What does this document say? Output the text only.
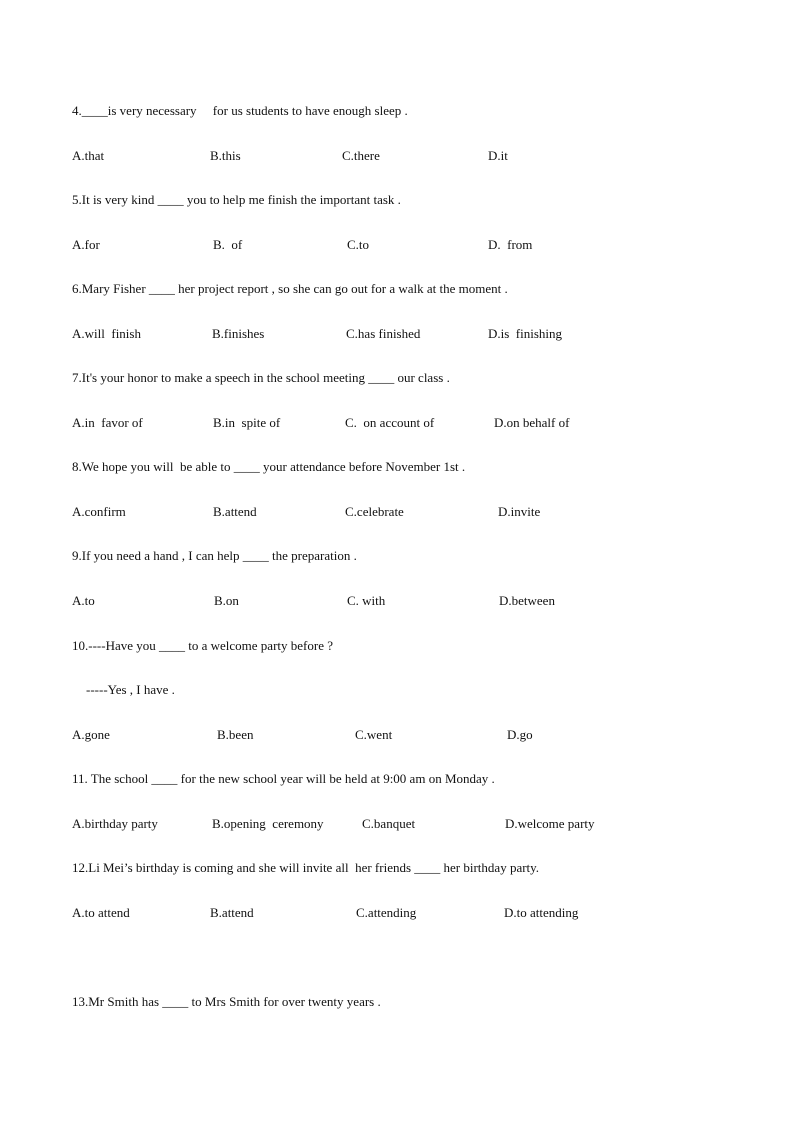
4.____is very necessary     for us students to have enough sleep .
A.that	B.this	C.there	D.it
5.It is very kind ____ you to help me finish the important task .
A.for	B.  of	C.to	D.  from
6.Mary Fisher ____ her project report , so she can go out for a walk at the moment .
A.will  finish	B.finishes	C.has finished	D.is  finishing
7.It's your honor to make a speech in the school meeting ____ our class .
A.in  favor of	B.in  spite of	C.  on account of	D.on behalf of
8.We hope you will  be able to ____ your attendance before November 1st .
A.confirm	B.attend	C.celebrate	D.invite
9.If you need a hand , I can help ____ the preparation .
A.to	B.on	C. with	D.between
10.----Have you ____ to a welcome party before ?
-----Yes , I have .
A.gone	B.been	C.went	D.go
11. The school ____ for the new school year will be held at 9:00 am on Monday .
A.birthday party	B.opening  ceremony	C.banquet	D.welcome party
12.Li Mei’s birthday is coming and she will invite all  her friends ____ her birthday party.
A.to attend	B.attend	C.attending	D.to attending
13.Mr Smith has ____ to Mrs Smith for over twenty years .
